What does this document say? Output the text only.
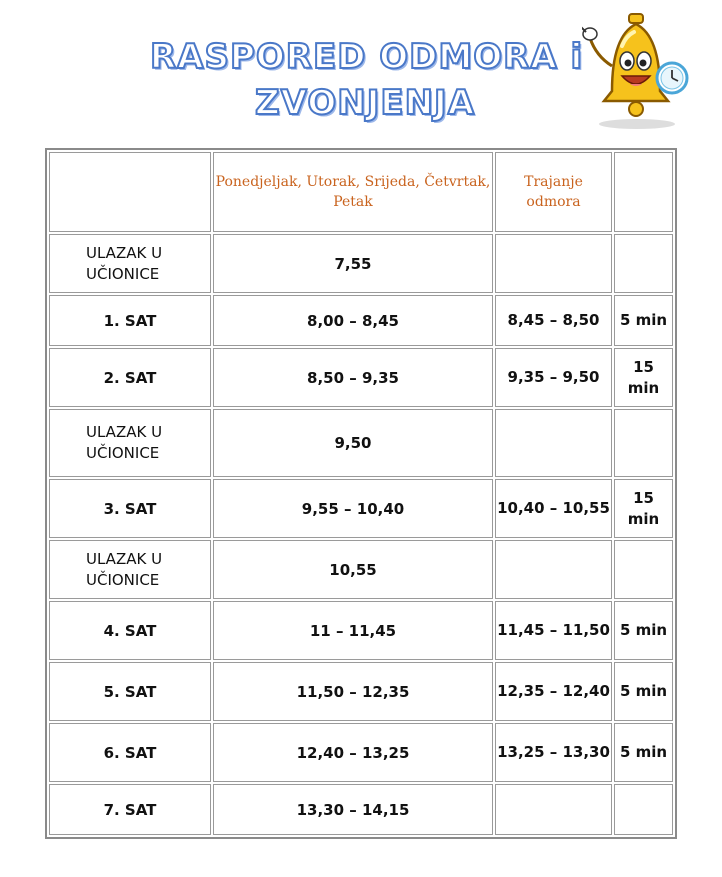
RASPORED ODMORA i
ZVONJENJA
	Ponedjeljak, Utorak, Srijeda, Četvrtak, Petak	Trajanje odmora	
ULAZAK U UČIONICE	7,55		
1. SAT	8,00 – 8,45	8,45 – 8,50	5 min
2. SAT	8,50 – 9,35	9,35 – 9,50	15 min
ULAZAK U UČIONICE	9,50		
3. SAT	9,55 – 10,40	10,40 – 10,55	15 min
ULAZAK U UČIONICE	10,55		
4. SAT	11 – 11,45	11,45 – 11,50	5 min
5. SAT	11,50 – 12,35	12,35 – 12,40	5 min
6. SAT	12,40 – 13,25	13,25 – 13,30	5 min
7. SAT	13,30 – 14,15		
